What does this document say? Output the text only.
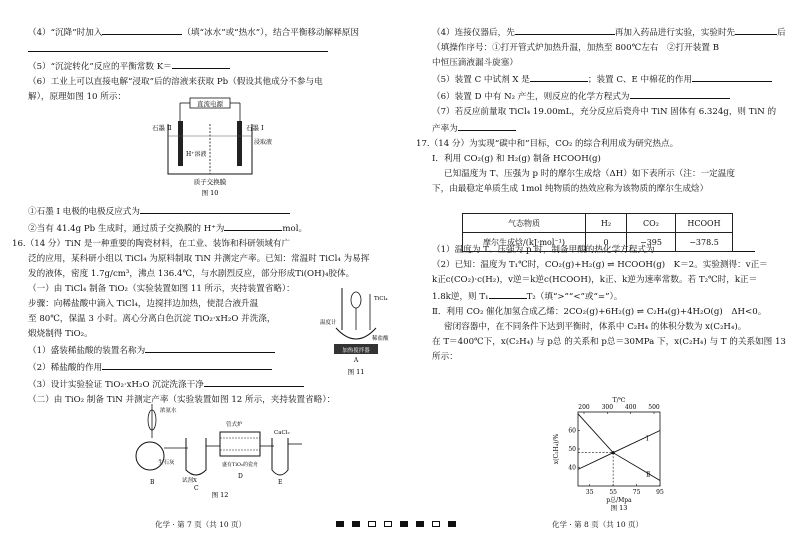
（4）“沉降”时加入	（填“冰水”或“热水”），结合平衡移动解释原因
（5）“沉淀转化”反应的平衡常数 K＝
（6）工业上可以直接电解“浸取”后的溶液来获取 Pb（假设其他成分不参与电
解），原理如图 10 所示：
①石墨 Ⅰ 电极的电极反应式为
②当有 41.4g Pb 生成时，通过质子交换膜的 H⁺为	mol。
16.（14 分）TiN 是一种重要的陶瓷材料，在工业、装饰和科研领域有广
泛的应用，某科研小组以 TiCl₄ 为原料制取 TiN 并测定产率。已知：常温时 TiCl₄ 为易挥
发的液体，密度 1.7g/cm³，沸点 136.4℃，与水剧烈反应，部分形成Ti(OH)₄胶体。
（一）由 TiCl₄ 制备 TiO₂（实验装置如图 11 所示，夹持装置省略）：
步骤：向稀盐酸中滴入 TiCl₄，边搅拌边加热，使混合液升温
至 80℃，保温 3 小时。离心分离白色沉淀 TiO₂·xH₂O 并洗涤，
煅烧制得 TiO₂。
（1）盛装稀盐酸的装置名称为
（2）稀盐酸的作用
（3）设计实验验证 TiO₂·xH₂O 沉淀洗涤干净
（二）由 TiO₂ 制备 TiN 并测定产率（实验装置如图 12 所示，夹持装置省略）：
直流电源
石墨 Ⅱ	石墨 Ⅰ
浸取液
H⁺溶液
质子交换膜
图 10
加热搅拌器
温度计
TiCl₄
稀盐酸
A
图 11
浓氨水
生石灰
试剂X
管式炉
盛有TiO₂的瓷舟
CaCl₂
B
C
D
E
图 12
（4）连接仪器后，先	再加入药品进行实验，实验时先	后
（填操作序号：①打开管式炉加热升温，加热至 800℃左右　②打开装置 B
中恒压滴液漏斗旋塞）
（5）装置 C 中试剂 X 是	；装置 C、E 中棉花的作用
（6）装置 D 中有 N₂ 产生，则反应的化学方程式为
（7）若反应前量取 TiCl₄ 19.00mL，充分反应后瓷舟中 TiN 固体有 6.324g，则 TiN 的
产率为
17.（14 分）为实现“碳中和”目标，CO₂ 的综合利用成为研究热点。
Ⅰ．利用 CO₂(g) 和 H₂(g) 制备 HCOOH(g)
已知温度为 T、压强为 p 时的摩尔生成焓（ΔH）如下表所示（注：一定温度
下，由最稳定单质生成 1mol 纯物质的热效应称为该物质的摩尔生成焓）
（1）温度为 T、压强为 p 时，制备甲酸的热化学方程式为
（2）已知：温度为 T₁℃时，CO₂(g)+H₂(g) ⇌ HCOOH(g)　K＝2。实验测得：v正＝
k正c(CO₂)·c(H₂)，v逆＝k逆c(HCOOH)，k正、k逆为速率常数。若 T₂℃时，k正＝
1.8k逆，则 T₁	T₂（填“>”“<”或“=”）。
Ⅱ．利用 CO₂ 催化加氢合成乙烯：2CO₂(g)+6H₂(g) ⇌ C₂H₄(g)+4H₂O(g)　ΔH<0。
密闭容器中，在不同条件下达到平衡时，体系中 C₂H₄ 的体积分数为 x(C₂H₄)。
在 T＝400℃下，x(C₂H₄) 与 p总 的关系和 p总＝30MPa 下，x(C₂H₄) 与 T 的关系如图 13
所示：
气态物质	H₂	CO₂	HCOOH
摩尔生成焓/(kJ·mol⁻¹)	0	−395	−378.5
35	55	75	95
200 300 400 500
T/℃
60
50
40
x(C₂H₄)/%
p总/Mpa
Ⅰ
Ⅱ
图 13
化学 · 第 7 页（共 10 页）	化学 · 第 8 页（共 10 页）
